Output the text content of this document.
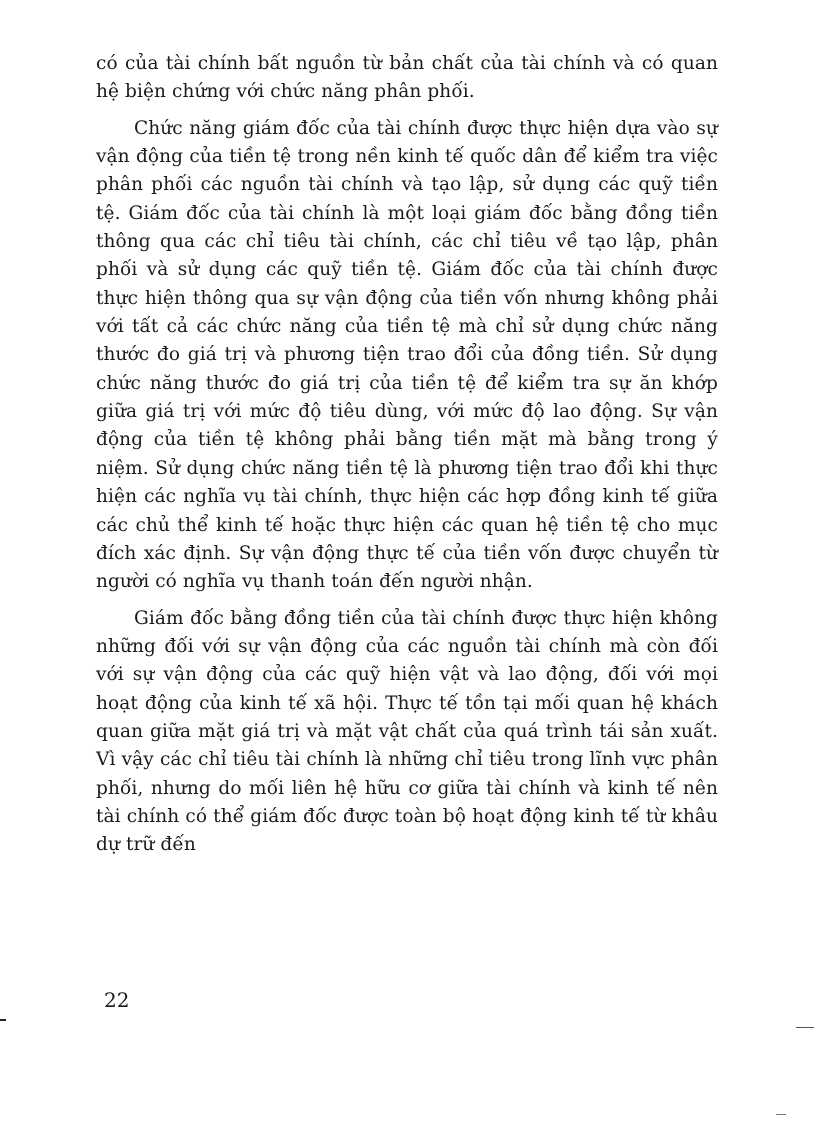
có của tài chính bất nguồn từ bản chất của tài chính và có quan hệ biện chứng với chức năng phân phối.

Chức năng giám đốc của tài chính được thực hiện dựa vào sự vận động của tiền tệ trong nền kinh tế quốc dân để kiểm tra việc phân phối các nguồn tài chính và tạo lập, sử dụng các quỹ tiền tệ. Giám đốc của tài chính là một loại giám đốc bằng đồng tiền thông qua các chỉ tiêu tài chính, các chỉ tiêu về tạo lập, phân phối và sử dụng các quỹ tiền tệ. Giám đốc của tài chính được thực hiện thông qua sự vận động của tiền vốn nhưng không phải với tất cả các chức năng của tiền tệ mà chỉ sử dụng chức năng thước đo giá trị và phương tiện trao đổi của đồng tiền. Sử dụng chức năng thước đo giá trị của tiền tệ để kiểm tra sự ăn khớp giữa giá trị với mức độ tiêu dùng, với mức độ lao động. Sự vận động của tiền tệ không phải bằng tiền mặt mà bằng trong ý niệm. Sử dụng chức năng tiền tệ là phương tiện trao đổi khi thực hiện các nghĩa vụ tài chính, thực hiện các hợp đồng kinh tế giữa các chủ thể kinh tế hoặc thực hiện các quan hệ tiền tệ cho mục đích xác định. Sự vận động thực tế của tiền vốn được chuyển từ người có nghĩa vụ thanh toán đến người nhận.

Giám đốc bằng đồng tiền của tài chính được thực hiện không những đối với sự vận động của các nguồn tài chính mà còn đối với sự vận động của các quỹ hiện vật và lao động, đối với mọi hoạt động của kinh tế xã hội. Thực tế tồn tại mối quan hệ khách quan giữa mặt giá trị và mặt vật chất của quá trình tái sản xuất. Vì vậy các chỉ tiêu tài chính là những chỉ tiêu trong lĩnh vực phân phối, nhưng do mối liên hệ hữu cơ giữa tài chính và kinh tế nên tài chính có thể giám đốc được toàn bộ hoạt động kinh tế từ khâu dự trữ đến

22
